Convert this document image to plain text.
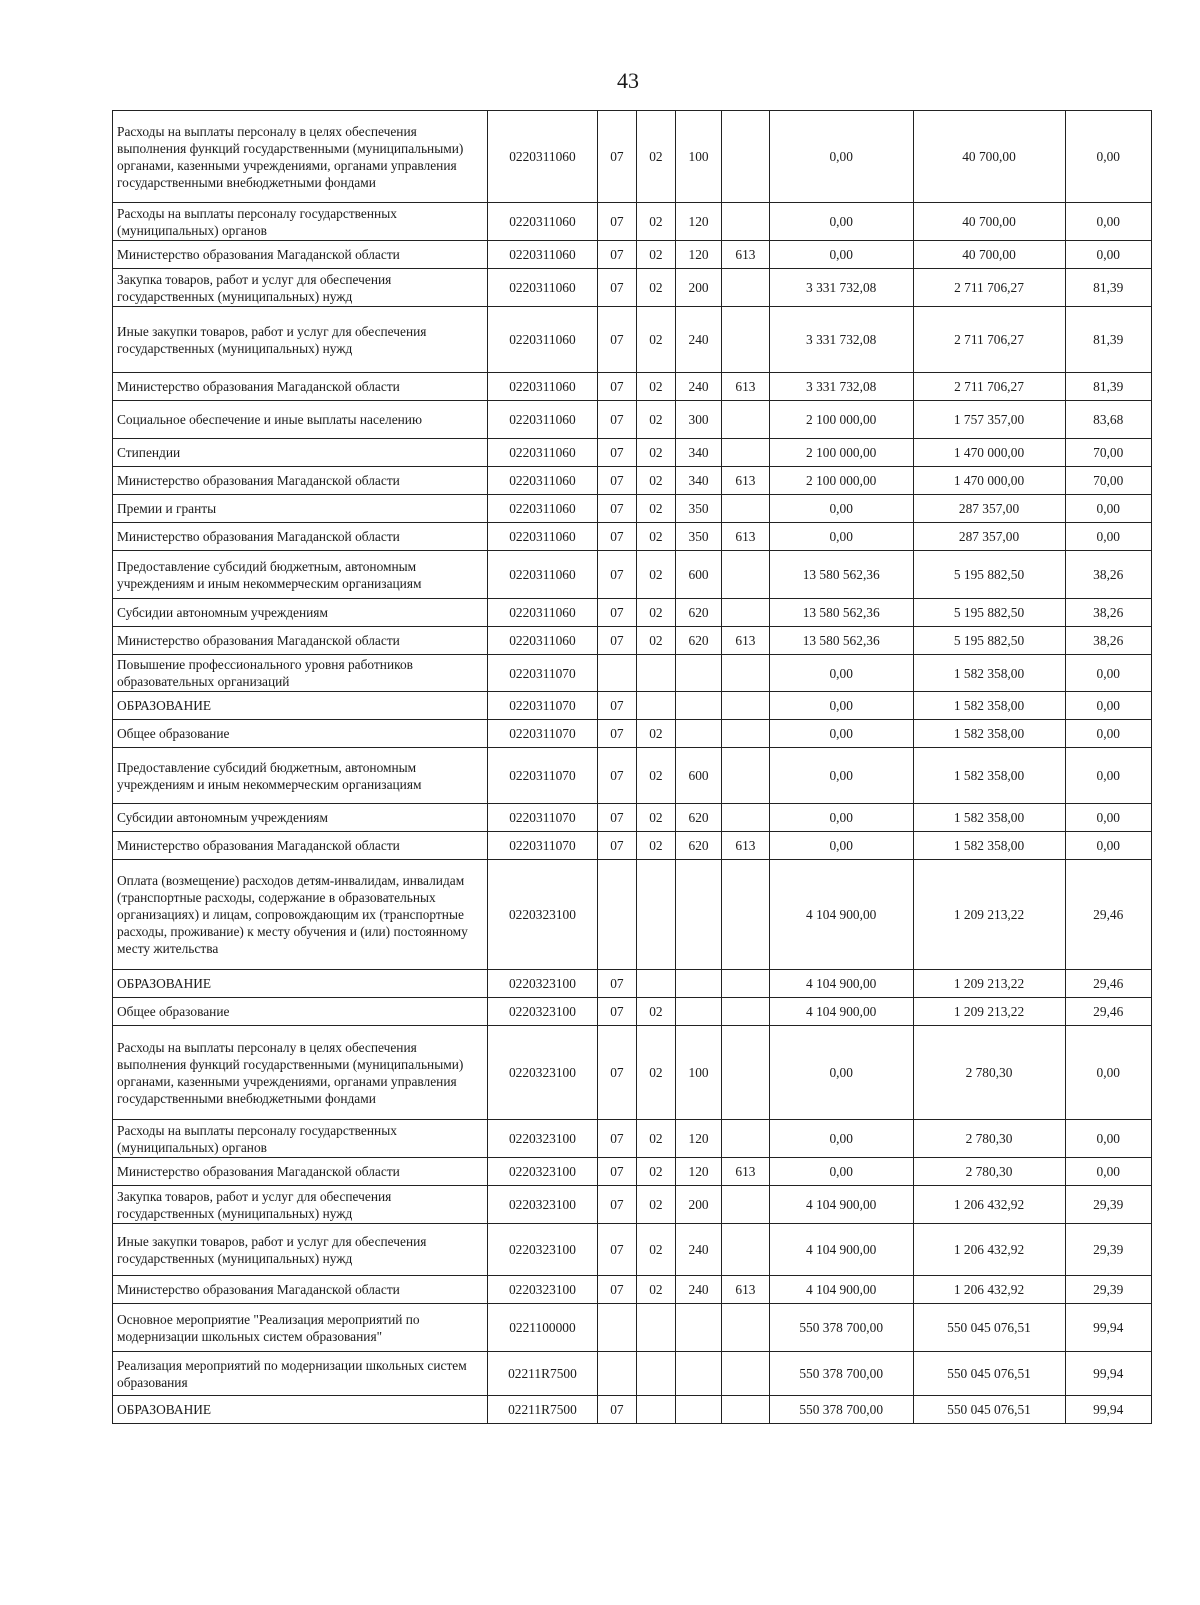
43
Расходы на выплаты персоналу в целях обеспечения выполнения функций государственными (муниципальными) органами, казенными учреждениями, органами управления государственными внебюджетными фондами	0220311060	07	02	100		0,00	40 700,00	0,00
Расходы на выплаты персоналу государственных (муниципальных) органов	0220311060	07	02	120		0,00	40 700,00	0,00
Министерство образования Магаданской области	0220311060	07	02	120	613	0,00	40 700,00	0,00
Закупка товаров, работ и услуг для обеспечения государственных (муниципальных) нужд	0220311060	07	02	200		3 331 732,08	2 711 706,27	81,39
Иные закупки товаров, работ и услуг для обеспечения государственных (муниципальных) нужд	0220311060	07	02	240		3 331 732,08	2 711 706,27	81,39
Министерство образования Магаданской области	0220311060	07	02	240	613	3 331 732,08	2 711 706,27	81,39
Социальное обеспечение и иные выплаты населению	0220311060	07	02	300		2 100 000,00	1 757 357,00	83,68
Стипендии	0220311060	07	02	340		2 100 000,00	1 470 000,00	70,00
Министерство образования Магаданской области	0220311060	07	02	340	613	2 100 000,00	1 470 000,00	70,00
Премии и гранты	0220311060	07	02	350		0,00	287 357,00	0,00
Министерство образования Магаданской области	0220311060	07	02	350	613	0,00	287 357,00	0,00
Предоставление субсидий бюджетным, автономным учреждениям и иным некоммерческим организациям	0220311060	07	02	600		13 580 562,36	5 195 882,50	38,26
Субсидии автономным учреждениям	0220311060	07	02	620		13 580 562,36	5 195 882,50	38,26
Министерство образования Магаданской области	0220311060	07	02	620	613	13 580 562,36	5 195 882,50	38,26
Повышение профессионального уровня работников образовательных организаций	0220311070					0,00	1 582 358,00	0,00
ОБРАЗОВАНИЕ	0220311070	07				0,00	1 582 358,00	0,00
Общее образование	0220311070	07	02			0,00	1 582 358,00	0,00
Предоставление субсидий бюджетным, автономным учреждениям и иным некоммерческим организациям	0220311070	07	02	600		0,00	1 582 358,00	0,00
Субсидии автономным учреждениям	0220311070	07	02	620		0,00	1 582 358,00	0,00
Министерство образования Магаданской области	0220311070	07	02	620	613	0,00	1 582 358,00	0,00
Оплата (возмещение) расходов детям-инвалидам, инвалидам (транспортные расходы, содержание в образовательных организациях) и лицам, сопровождающим их (транспортные расходы, проживание) к месту обучения и (или) постоянному месту жительства	0220323100					4 104 900,00	1 209 213,22	29,46
ОБРАЗОВАНИЕ	0220323100	07				4 104 900,00	1 209 213,22	29,46
Общее образование	0220323100	07	02			4 104 900,00	1 209 213,22	29,46
Расходы на выплаты персоналу в целях обеспечения выполнения функций государственными (муниципальными) органами, казенными учреждениями, органами управления государственными внебюджетными фондами	0220323100	07	02	100		0,00	2 780,30	0,00
Расходы на выплаты персоналу государственных (муниципальных) органов	0220323100	07	02	120		0,00	2 780,30	0,00
Министерство образования Магаданской области	0220323100	07	02	120	613	0,00	2 780,30	0,00
Закупка товаров, работ и услуг для обеспечения государственных (муниципальных) нужд	0220323100	07	02	200		4 104 900,00	1 206 432,92	29,39
Иные закупки товаров, работ и услуг для обеспечения государственных (муниципальных) нужд	0220323100	07	02	240		4 104 900,00	1 206 432,92	29,39
Министерство образования Магаданской области	0220323100	07	02	240	613	4 104 900,00	1 206 432,92	29,39
Основное мероприятие "Реализация мероприятий по модернизации школьных систем образования"	0221100000					550 378 700,00	550 045 076,51	99,94
Реализация мероприятий по модернизации школьных систем образования	02211R7500					550 378 700,00	550 045 076,51	99,94
ОБРАЗОВАНИЕ	02211R7500	07				550 378 700,00	550 045 076,51	99,94
